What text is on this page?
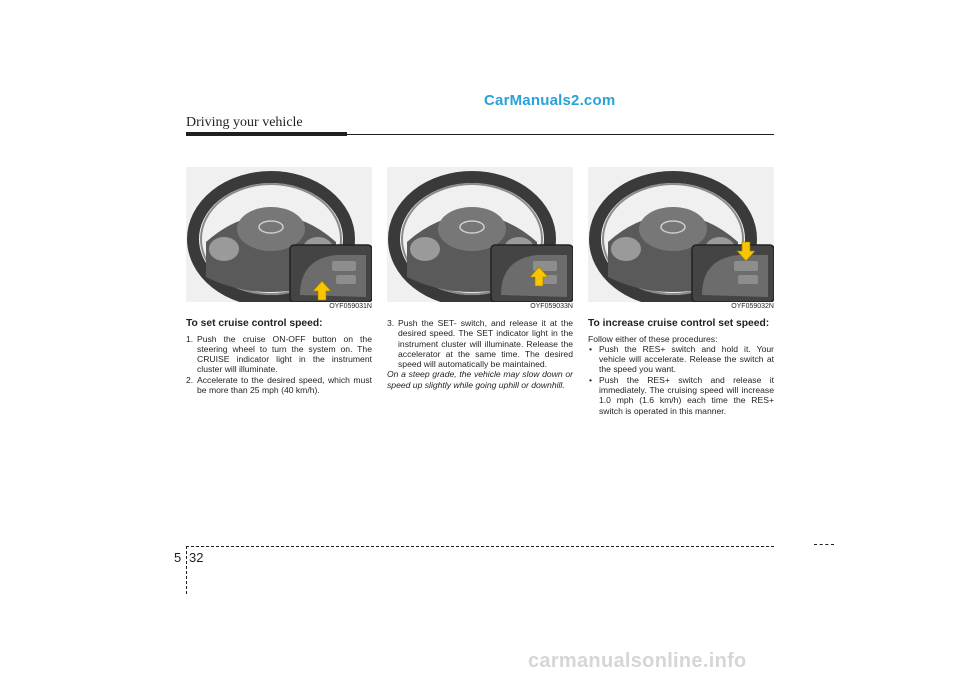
Driving your vehicle
CarManuals2.com
OYF059031N	OYF059033N	OYF059032N
To set cruise control speed:

1. Push the cruise ON-OFF button on the steering wheel to turn the system on. The CRUISE indicator light in the instrument cluster will illuminate.

2. Accelerate to the desired speed, which must be more than 25 mph (40 km/h).

3. Push the SET- switch, and release it at the desired speed. The SET indicator light in the instrument cluster will illuminate. Release the accelerator at the same time. The desired speed will automatically be maintained.

On a steep grade, the vehicle may slow down or speed up slightly while going uphill or downhill.

To increase cruise control set speed:

Follow either of these procedures:

• Push the RES+ switch and hold it. Your vehicle will accelerate. Release the switch at the speed you want.

• Push the RES+ switch and release it immediately. The cruising speed will increase 1.0 mph (1.6 km/h) each time the RES+ switch is operated in this manner.

5 32
carmanualsonline.info
